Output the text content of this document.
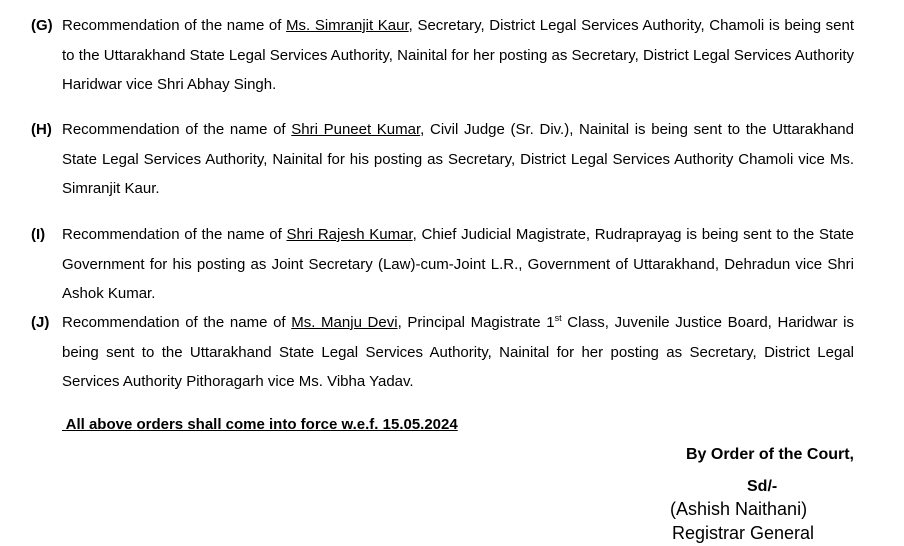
(G) Recommendation of the name of Ms. Simranjit Kaur, Secretary, District Legal Services Authority, Chamoli is being sent to the Uttarakhand State Legal Services Authority, Nainital for her posting as Secretary, District Legal Services Authority Haridwar vice Shri Abhay Singh.
(H) Recommendation of the name of Shri Puneet Kumar, Civil Judge (Sr. Div.), Nainital is being sent to the Uttarakhand State Legal Services Authority, Nainital for his posting as Secretary, District Legal Services Authority Chamoli vice Ms. Simranjit Kaur.
(I) Recommendation of the name of Shri Rajesh Kumar, Chief Judicial Magistrate, Rudraprayag is being sent to the State Government for his posting as Joint Secretary (Law)-cum-Joint L.R., Government of Uttarakhand, Dehradun vice Shri Ashok Kumar.
(J) Recommendation of the name of Ms. Manju Devi, Principal Magistrate 1st Class, Juvenile Justice Board, Haridwar is being sent to the Uttarakhand State Legal Services Authority, Nainital for her posting as Secretary, District Legal Services Authority Pithoragarh vice Ms. Vibha Yadav.
All above orders shall come into force w.e.f. 15.05.2024
By Order of the Court,
Sd/-
(Ashish Naithani)
Registrar General
